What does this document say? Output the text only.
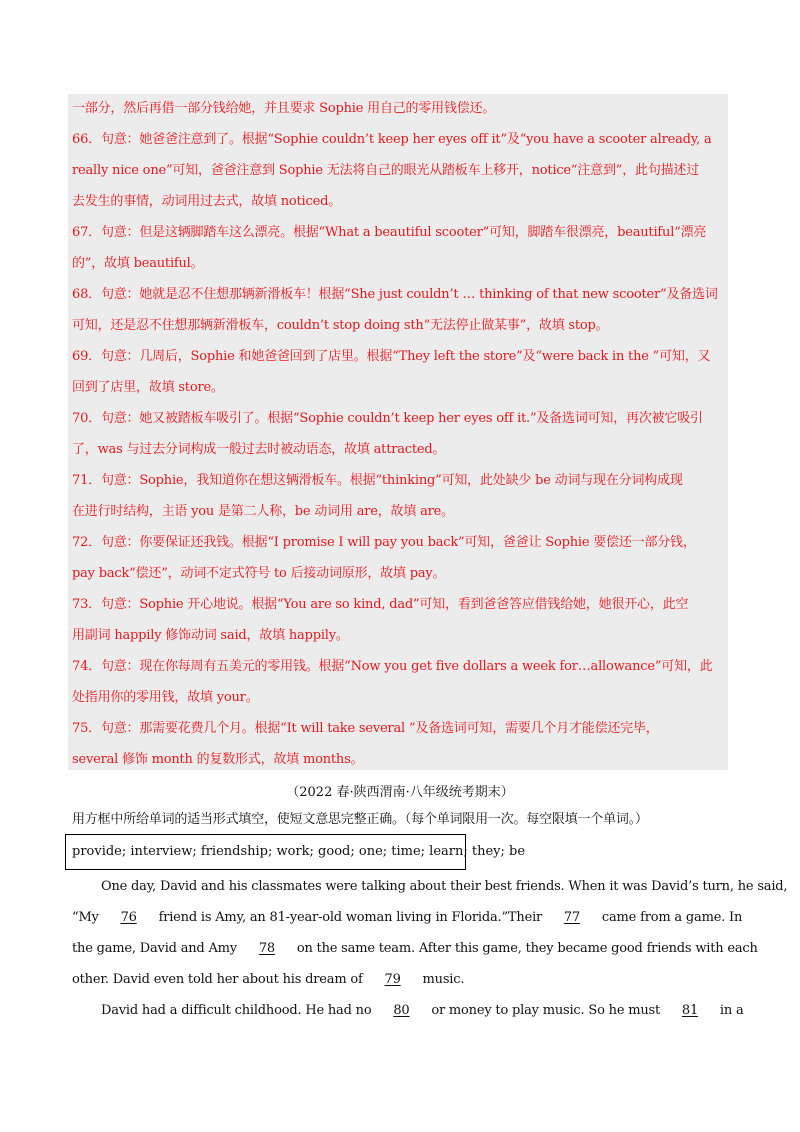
一部分，然后再借一部分钱给她，并且要求 Sophie 用自己的零用钱偿还。
66．句意：她爸爸注意到了。根据“Sophie couldn’t keep her eyes off it”及“you have a scooter already, a
really nice one”可知，爸爸注意到 Sophie 无法将自己的眼光从踏板车上移开，notice“注意到”，此句描述过
去发生的事情，动词用过去式，故填 noticed。
67．句意：但是这辆脚踏车这么漂亮。根据“What a beautiful scooter”可知，脚踏车很漂亮，beautiful“漂亮
的”，故填 beautiful。
68．句意：她就是忍不住想那辆新滑板车！根据“She just couldn’t … thinking of that new scooter”及备选词
可知，还是忍不住想那辆新滑板车，couldn’t stop doing sth“无法停止做某事”，故填 stop。
69．句意：几周后，Sophie 和她爸爸回到了店里。根据“They left the store”及“were back in the ”可知，又
回到了店里，故填 store。
70．句意：她又被踏板车吸引了。根据“Sophie couldn’t keep her eyes off it.”及备选词可知，再次被它吸引
了，was 与过去分词构成一般过去时被动语态，故填 attracted。
71．句意：Sophie，我知道你在想这辆滑板车。根据“thinking”可知，此处缺少 be 动词与现在分词构成现
在进行时结构，主语 you 是第二人称，be 动词用 are，故填 are。
72．句意：你要保证还我钱。根据“I promise I will pay you back”可知，爸爸让 Sophie 要偿还一部分钱，
pay back“偿还”，动词不定式符号 to 后接动词原形，故填 pay。
73．句意：Sophie 开心地说。根据“You are so kind, dad”可知，看到爸爸答应借钱给她，她很开心，此空
用副词 happily 修饰动词 said，故填 happily。
74．句意：现在你每周有五美元的零用钱。根据“Now you get five dollars a week for…allowance”可知，此
处指用你的零用钱，故填 your。
75．句意：那需要花费几个月。根据“It will take several ”及备选词可知，需要几个月才能偿还完毕，
several 修饰 month 的复数形式，故填 months。
（2022 春·陕西渭南·八年级统考期末）
用方框中所给单词的适当形式填空，使短文意思完整正确。（每个单词限用一次。每空限填一个单词。）
provide; interview; friendship; work; good; one; time; learn; they; be
One day, David and his classmates were talking about their best friends. When it was David’s turn, he said,
“My 76 friend is Amy, an 81-year-old woman living in Florida.”Their 77 came from a game. In
the game, David and Amy 78 on the same team. After this game, they became good friends with each
other. David even told her about his dream of 79 music.
David had a difficult childhood. He had no 80 or money to play music. So he must 81 in a
